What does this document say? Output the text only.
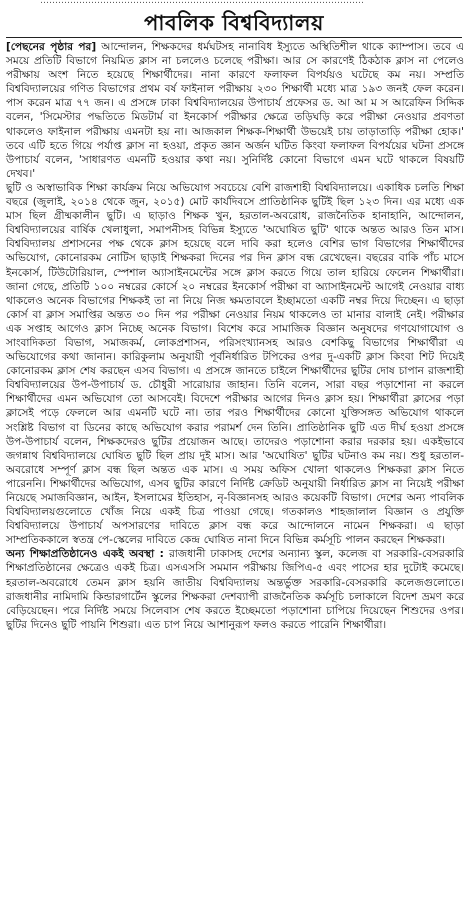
………………………………………………………………………………………………
পাবলিক বিশ্ববিদ্যালয়

[পেছনের পৃষ্ঠার পর] আন্দোলন, শিক্ষকদের ধর্মঘটসহ নানাবিধ ইস্যুতে অস্থিতিশীল থাকে ক্যাম্পাস। তবে এ সময়ে প্রতিটি বিভাগে নিয়মিত ক্লাস না চললেও চলেছে পরীক্ষা। আর সে কারণেই ঠিকঠাক ক্লাস না পেলেও পরীক্ষায় অংশ নিতে হয়েছে শিক্ষার্থীদের। নানা কারণে ফলাফল বিপর্যয়ও ঘটেছে কম নয়। সম্প্রতি বিশ্ববিদ্যালয়ের গণিত বিভাগের প্রথম বর্ষ ফাইনাল পরীক্ষায় ২৩০ শিক্ষার্থী মধ্যে মাত্র ১৯৩ জনই ফেল করেন। পাস করেন মাত্র ৭৭ জন। এ প্রসঙ্গে ঢাকা বিশ্ববিদ্যালয়ের উপাচার্য প্রফেসর ড. আ আ ম স আরেফিন সিদ্দিক বলেন, 'সিমেস্টার পদ্ধতিতে মিডটার্ম বা ইনকোর্স পরীক্ষার ক্ষেত্রে তড়িঘড়ি করে পরীক্ষা নেওয়ার প্রবণতা থাকলেও ফাইনাল পরীক্ষায় এমনটা হয় না। আজকাল শিক্ষক-শিক্ষার্থী উভয়েই চায় তাড়াতাড়ি পরীক্ষা হোক।' তবে এটি হতে গিয়ে পর্যাপ্ত ক্লাস না হওয়া, প্রকৃত জ্ঞান অর্জন ঘটিত কিংবা ফলাফল বিপর্যয়ের ঘটনা প্রসঙ্গে উপাচার্য বলেন, 'সাধারণত এমনটি হওয়ার কথা নয়। সুনির্দিষ্ট কোনো বিভাগে এমন ঘটে থাকলে বিষয়টি দেখব।'

ছুটি ও অস্বাভাবিক শিক্ষা কার্যক্রম নিয়ে অভিযোগ সবচেয়ে বেশি রাজশাহী বিশ্ববিদ্যালয়ে। একাধিক চলতি শিক্ষা বছরে (জুলাই, ২০১৪ থেকে জুন, ২০১৫) মোট কার্যদিবসে প্রাতিষ্ঠানিক ছুটিই ছিল ১২৩ দিন। এর মধ্যে এক মাস ছিল গ্রীষ্মকালীন ছুটি। এ ছাড়াও শিক্ষক খুন, হরতাল-অবরোধ, রাজনৈতিক হানাহানি, আন্দোলন, বিশ্ববিদ্যালয়ের বার্ষিক খেলাধুলা, সমাপনীসহ বিভিন্ন ইস্যুতে 'অঘোষিত ছুটি' থাকে অন্তত আরও তিন মাস। বিশ্ববিদ্যালয় প্রশাসনের পক্ষ থেকে ক্লাস হয়েছে বলে দাবি করা হলেও বেশির ভাগ বিভাগের শিক্ষার্থীদের অভিযোগ, কোনোরকম নোটিস ছাড়াই শিক্ষকরা দিনের পর দিন ক্লাস বন্ধ রেখেছেন। বছরের বাকি পাঁচ মাসে ইনকোর্স, টিউটোরিয়াল, স্পেশাল অ্যাসাইনমেন্টের সঙ্গে ক্লাস করতে গিয়ে তাল হারিয়ে ফেলেন শিক্ষার্থীরা। জানা গেছে, প্রতিটি ১০০ নম্বরের কোর্সে ২০ নম্বরের ইনকোর্স পরীক্ষা বা অ্যাসাইনমেন্ট আগেই নেওয়ার বাধ্য থাকলেও অনেক বিভাগের শিক্ষকই তা না নিয়ে নিজ ক্ষমতাবলে ইচ্ছামতো একটি নম্বর দিয়ে দিচ্ছেন। এ ছাড়া কোর্স বা ক্লাস সমাপ্তির অন্তত ৩০ দিন পর পরীক্ষা নেওয়ার নিয়ম থাকলেও তা মানার বালাই নেই। পরীক্ষার এক সপ্তাহ আগেও ক্লাস নিচ্ছে অনেক বিভাগ। বিশেষ করে সামাজিক বিজ্ঞান অনুষদের গণযোগাযোগ ও সাংবাদিকতা বিভাগ, সমাজকর্ম, লোকপ্রশাসন, পরিসংখ্যানসহ আরও বেশকিছু বিভাগের শিক্ষার্থীরা এ অভিযোগের কথা জানান। কারিকুলাম অনুযায়ী পূর্বনির্ধারিত টপিকের ওপর দু-একটি ক্লাস কিংবা শিট দিয়েই কোনোরকম ক্লাস শেষ করছেন এসব বিভাগ। এ প্রসঙ্গে জানতে চাইলে শিক্ষার্থীদের ছুটির দোষ চাপান রাজশাহী বিশ্ববিদ্যালয়ের উপ-উপাচার্য ড. চৌধুরী সারোয়ার জাহান। তিনি বলেন, সারা বছর পড়াশোনা না করলে শিক্ষার্থীদের এমন অভিযোগ তো আসবেই। বিদেশে পরীক্ষার আগের দিনও ক্লাস হয়। শিক্ষার্থীরা ক্লাসের পড়া ক্লাসেই পড়ে ফেললে আর এমনটি ঘটে না। তার পরও শিক্ষার্থীদের কোনো যুক্তিসঙ্গত অভিযোগ থাকলে সংশ্লিষ্ট বিভাগ বা ডিনের কাছে অভিযোগ করার পরামর্শ দেন তিনি। প্রাতিষ্ঠানিক ছুটি এত দীর্ঘ হওয়া প্রসঙ্গে উপ-উপাচার্য বলেন, শিক্ষকদেরও ছুটির প্রয়োজন আছে। তাদেরও পড়াশোনা করার দরকার হয়। একইভাবে জগন্নাথ বিশ্ববিদ্যালয়ে ঘোষিত ছুটি ছিল প্রায় দুই মাস। আর 'অঘোষিত' ছুটির ঘটনাও কম নয়। শুধু হরতাল-অবরোধে সম্পূর্ণ ক্লাস বন্ধ ছিল অন্তত এক মাস। এ সময় অফিস খোলা থাকলেও শিক্ষকরা ক্লাস নিতে পারেননি। শিক্ষার্থীদের অভিযোগ, এসব ছুটির কারণে নির্দিষ্ট ক্রেডিট অনুযায়ী নির্ধারিত ক্লাস না নিয়েই পরীক্ষা নিয়েছে সমাজবিজ্ঞান, আইন, ইসলামের ইতিহাস, নৃ-বিজ্ঞানসহ আরও কয়েকটি বিভাগ। দেশের অন্য পাবলিক বিশ্ববিদ্যালয়গুলোতে খোঁজ নিয়ে একই চিত্র পাওয়া গেছে। গতকালও শাহজালাল বিজ্ঞান ও প্রযুক্তি বিশ্ববিদ্যালয়ে উপাচার্য অপসারণের দাবিতে ক্লাস বন্ধ করে আন্দোলনে নামেন শিক্ষকরা। এ ছাড়া সাম্প্রতিককালে স্বতন্ত্র পে-স্কেলের দাবিতে কেন্দ্র ঘোষিত নানা দিনে বিভিন্ন কর্মসূচি পালন করছেন শিক্ষকরা।

অন্য শিক্ষাপ্রতিষ্ঠানেও একই অবস্থা : রাজধানী ঢাকাসহ দেশের অন্যান্য স্কুল, কলেজ বা সরকারি-বেসরকারি শিক্ষাপ্রতিষ্ঠানের ক্ষেত্রেও একই চিত্র। এসএসসি সমমান পরীক্ষায় জিপিএ-৫ এবং পাসের হার দুটোই কমেছে। হরতাল-অবরোধে তেমন ক্লাস হয়নি জাতীয় বিশ্ববিদ্যালয় অন্তর্ভুক্ত সরকারি-বেসরকারি কলেজগুলোতে। রাজধানীর নামিদামি কিন্ডারগার্টেন স্কুলের শিক্ষকরা দেশব্যাপী রাজনৈতিক কর্মসূচি চলাকালে বিদেশ ভ্রমণ করে বেড়িয়েছেন। পরে নির্দিষ্ট সময়ে সিলেবাস শেষ করতে ইচ্ছেমতো পড়াশোনা চাপিয়ে দিয়েছেন শিশুদের ওপর। ছুটির দিনেও ছুটি পায়নি শিশুরা। এত চাপ নিয়ে আশানুরূপ ফলও করতে পারেনি শিক্ষার্থীরা।
